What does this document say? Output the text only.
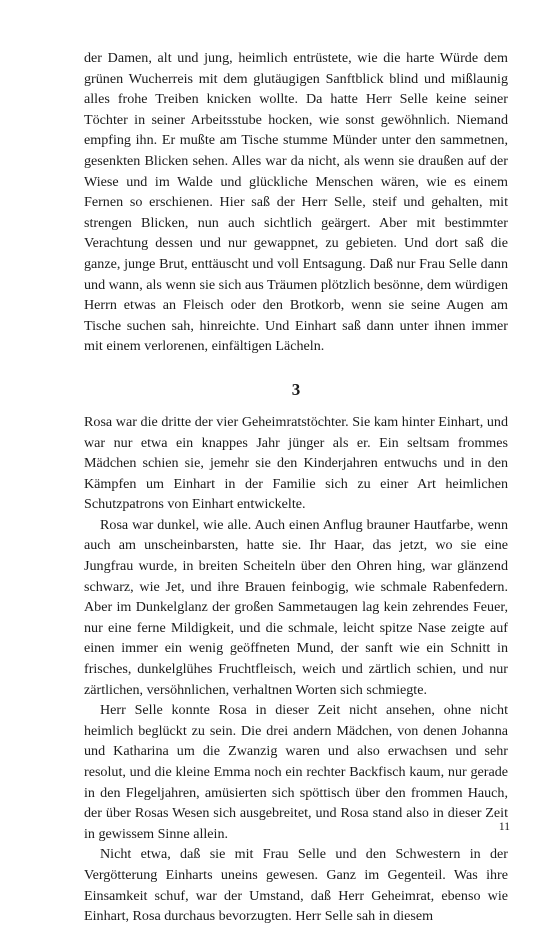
der Damen, alt und jung, heimlich entrüstete, wie die harte Würde dem grünen Wucherreis mit dem glutäugigen Sanftblick blind und mißlaunig alles frohe Treiben knicken wollte. Da hatte Herr Selle keine seiner Töchter in seiner Arbeitsstube hocken, wie sonst gewöhnlich. Niemand empfing ihn. Er mußte am Tische stumme Münder unter den sammetnen, gesenkten Blicken sehen. Alles war da nicht, als wenn sie draußen auf der Wiese und im Walde und glückliche Menschen wären, wie es einem Fernen so erschienen. Hier saß der Herr Selle, steif und gehalten, mit strengen Blicken, nun auch sichtlich geärgert. Aber mit bestimmter Verachtung dessen und nur gewappnet, zu gebieten. Und dort saß die ganze, junge Brut, enttäuscht und voll Entsagung. Daß nur Frau Selle dann und wann, als wenn sie sich aus Träumen plötzlich besönne, dem würdigen Herrn etwas an Fleisch oder den Brotkorb, wenn sie seine Augen am Tische suchen sah, hinreichte. Und Einhart saß dann unter ihnen immer mit einem verlorenen, einfältigen Lächeln.

3

Rosa war die dritte der vier Geheimratstöchter. Sie kam hinter Einhart, und war nur etwa ein knappes Jahr jünger als er. Ein seltsam frommes Mädchen schien sie, jemehr sie den Kinderjahren entwuchs und in den Kämpfen um Einhart in der Familie sich zu einer Art heimlichen Schutzpatrons von Einhart entwickelte.

Rosa war dunkel, wie alle. Auch einen Anflug brauner Hautfarbe, wenn auch am unscheinbarsten, hatte sie. Ihr Haar, das jetzt, wo sie eine Jungfrau wurde, in breiten Scheiteln über den Ohren hing, war glänzend schwarz, wie Jet, und ihre Brauen feinbogig, wie schmale Rabenfedern. Aber im Dunkelglanz der großen Sammetaugen lag kein zehrendes Feuer, nur eine ferne Mildigkeit, und die schmale, leicht spitze Nase zeigte auf einen immer ein wenig geöffneten Mund, der sanft wie ein Schnitt in frisches, dunkelglühes Fruchtfleisch, weich und zärtlich schien, und nur zärtlichen, versöhnlichen, verhaltnen Worten sich schmiegte.

Herr Selle konnte Rosa in dieser Zeit nicht ansehen, ohne nicht heimlich beglückt zu sein. Die drei andern Mädchen, von denen Johanna und Katharina um die Zwanzig waren und also erwachsen und sehr resolut, und die kleine Emma noch ein rechter Backfisch kaum, nur gerade in den Flegeljahren, amüsierten sich spöttisch über den frommen Hauch, der über Rosas Wesen sich ausgebreitet, und Rosa stand also in dieser Zeit in gewissem Sinne allein.

Nicht etwa, daß sie mit Frau Selle und den Schwestern in der Vergötterung Einharts uneins gewesen. Ganz im Gegenteil. Was ihre Einsamkeit schuf, war der Umstand, daß Herr Geheimrat, ebenso wie Einhart, Rosa durchaus bevorzugten. Herr Selle sah in diesem

11
